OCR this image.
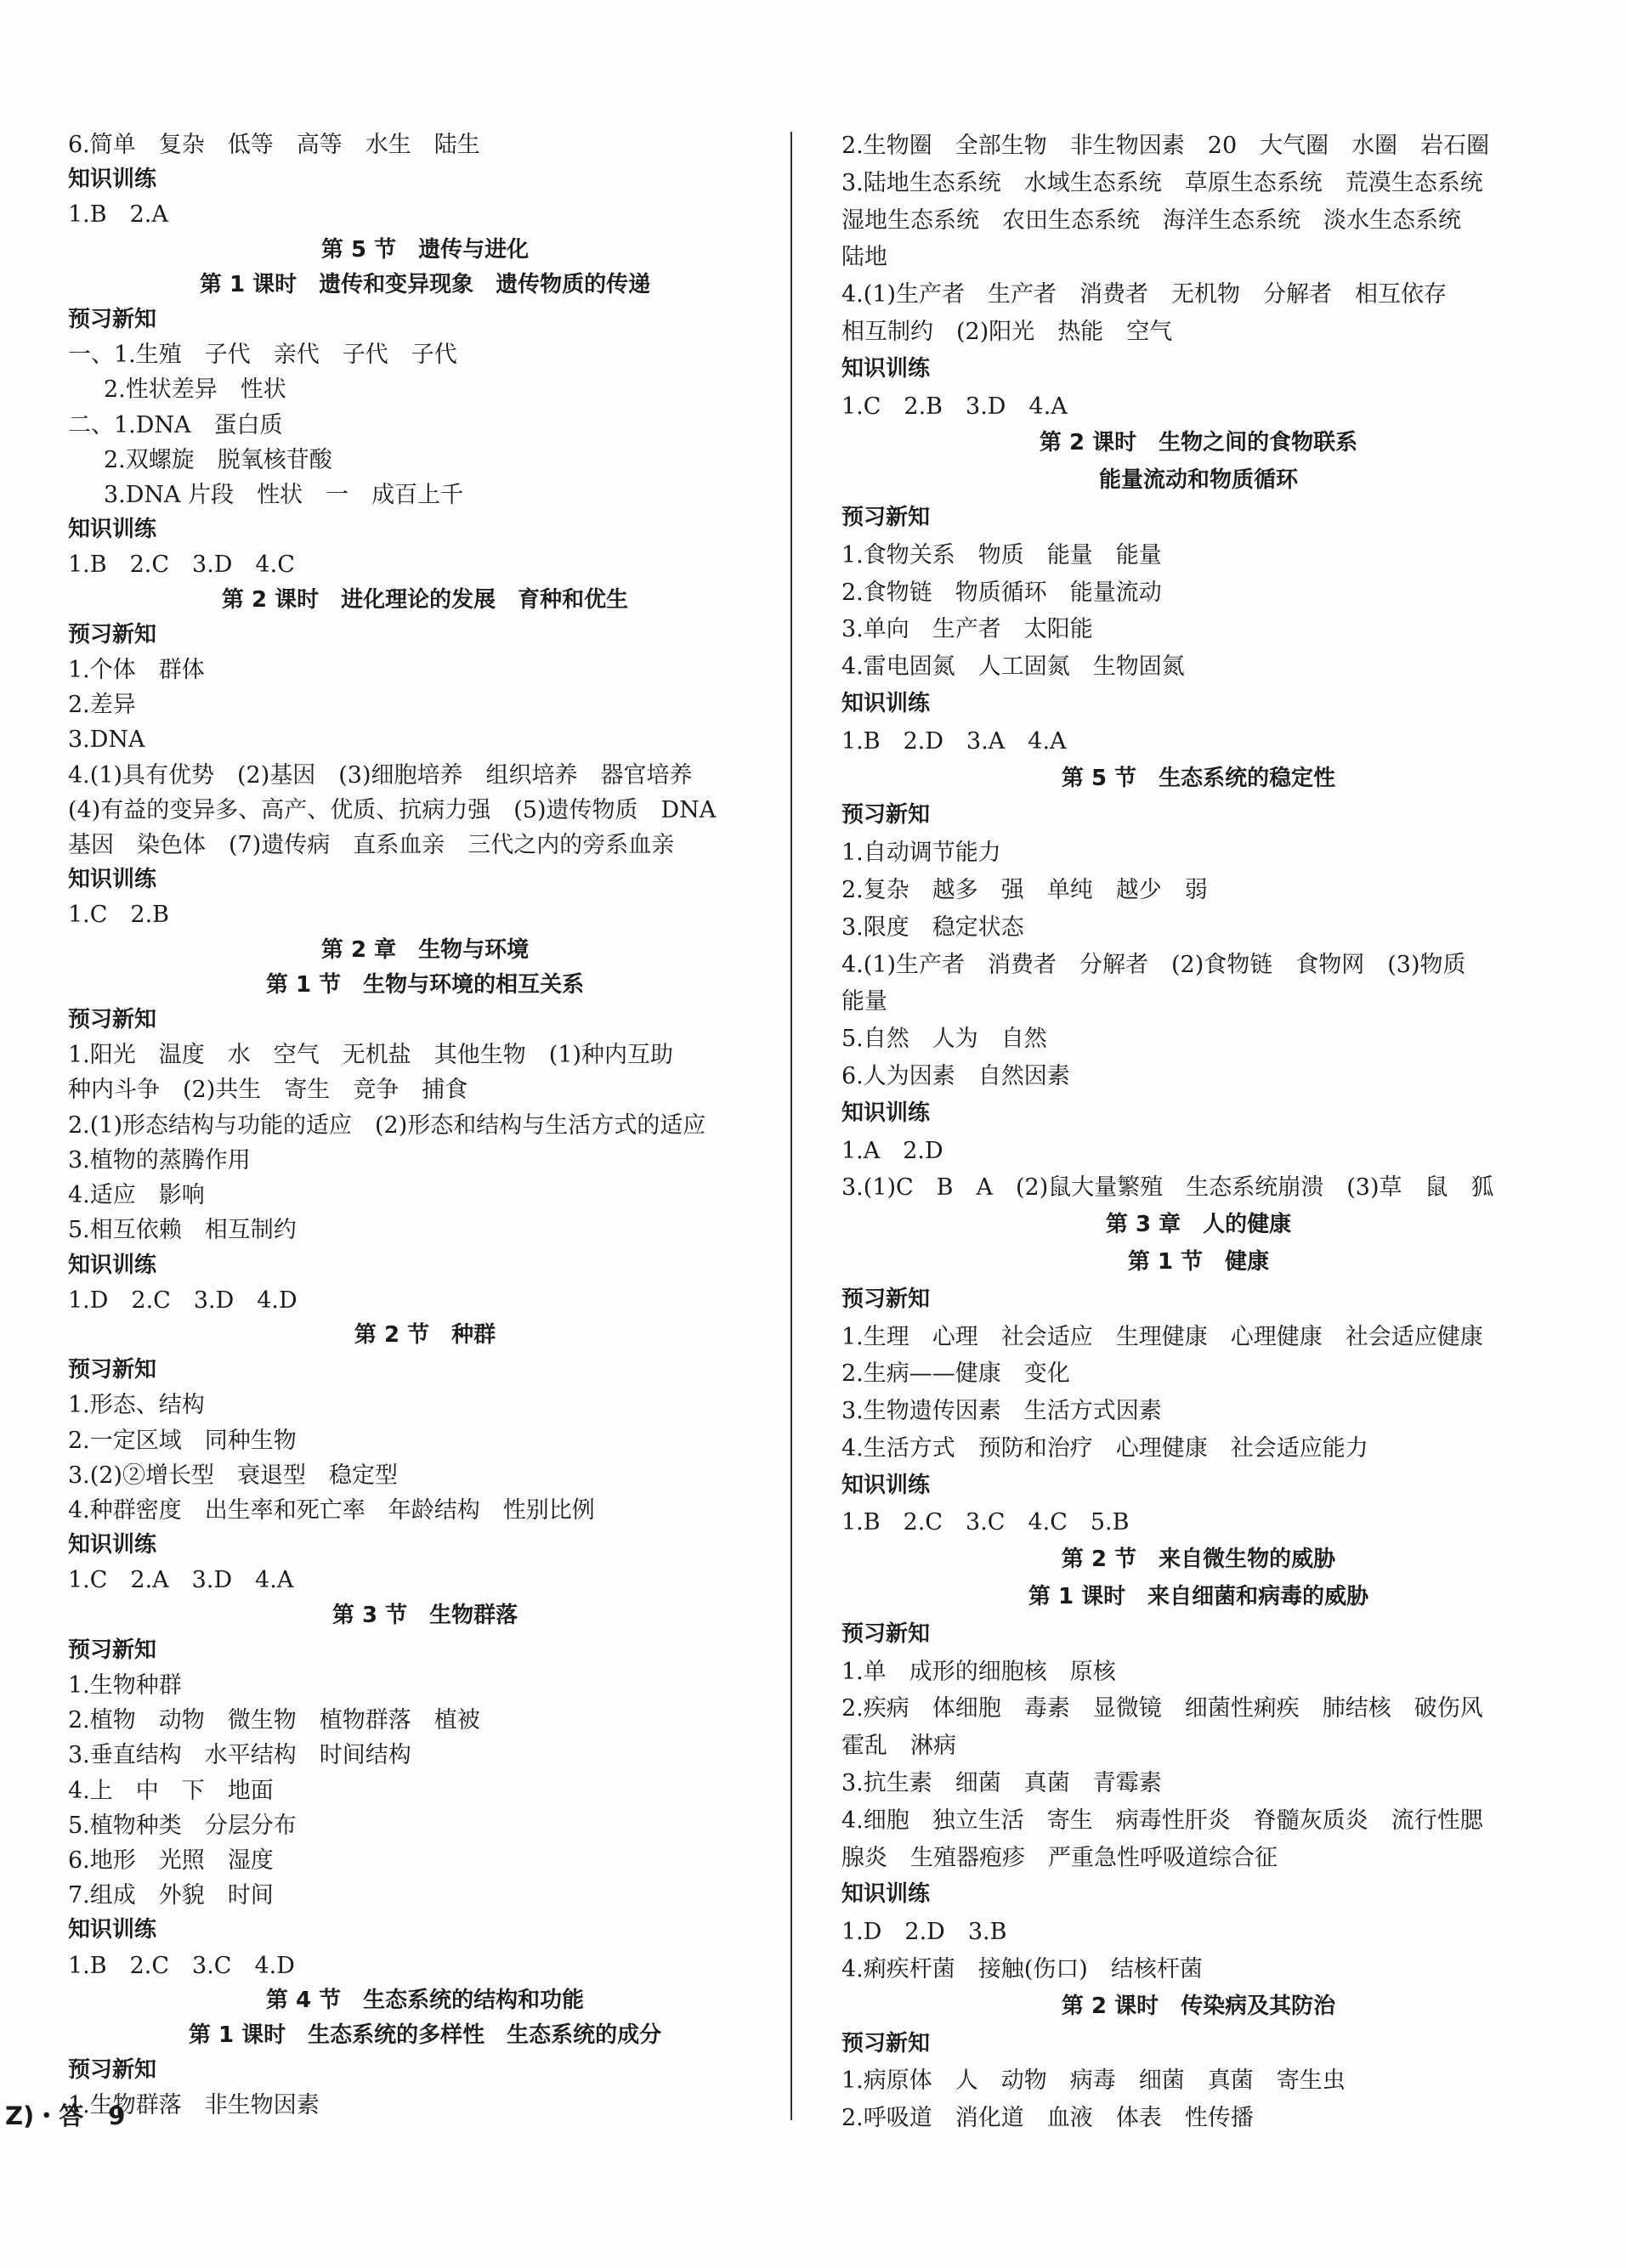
6.简单　复杂　低等　高等　水生　陆生
知识训练
1.B　2.A
第 5 节　遗传与进化
第 1 课时　遗传和变异现象　遗传物质的传递
预习新知
一、1.生殖　子代　亲代　子代　子代
2.性状差异　性状
二、1.DNA　蛋白质
2.双螺旋　脱氧核苷酸
3.DNA 片段　性状　一　成百上千
知识训练
1.B　2.C　3.D　4.C
第 2 课时　进化理论的发展　育种和优生
预习新知
1.个体　群体
2.差异
3.DNA
4.(1)具有优势　(2)基因　(3)细胞培养　组织培养　器官培养
(4)有益的变异多、高产、优质、抗病力强　(5)遗传物质　DNA
基因　染色体　(7)遗传病　直系血亲　三代之内的旁系血亲
知识训练
1.C　2.B
第 2 章　生物与环境
第 1 节　生物与环境的相互关系
预习新知
1.阳光　温度　水　空气　无机盐　其他生物　(1)种内互助
种内斗争　(2)共生　寄生　竞争　捕食
2.(1)形态结构与功能的适应　(2)形态和结构与生活方式的适应
3.植物的蒸腾作用
4.适应　影响
5.相互依赖　相互制约
知识训练
1.D　2.C　3.D　4.D
第 2 节　种群
预习新知
1.形态、结构
2.一定区域　同种生物
3.(2)②增长型　衰退型　稳定型
4.种群密度　出生率和死亡率　年龄结构　性别比例
知识训练
1.C　2.A　3.D　4.A
第 3 节　生物群落
预习新知
1.生物种群
2.植物　动物　微生物　植物群落　植被
3.垂直结构　水平结构　时间结构
4.上　中　下　地面
5.植物种类　分层分布
6.地形　光照　湿度
7.组成　外貌　时间
知识训练
1.B　2.C　3.C　4.D
第 4 节　生态系统的结构和功能
第 1 课时　生态系统的多样性　生态系统的成分
预习新知
1.生物群落　非生物因素
2.生物圈　全部生物　非生物因素　20　大气圈　水圈　岩石圈
3.陆地生态系统　水域生态系统　草原生态系统　荒漠生态系统
湿地生态系统　农田生态系统　海洋生态系统　淡水生态系统
陆地
4.(1)生产者　生产者　消费者　无机物　分解者　相互依存
相互制约　(2)阳光　热能　空气
知识训练
1.C　2.B　3.D　4.A
第 2 课时　生物之间的食物联系
能量流动和物质循环
预习新知
1.食物关系　物质　能量　能量
2.食物链　物质循环　能量流动
3.单向　生产者　太阳能
4.雷电固氮　人工固氮　生物固氮
知识训练
1.B　2.D　3.A　4.A
第 5 节　生态系统的稳定性
预习新知
1.自动调节能力
2.复杂　越多　强　单纯　越少　弱
3.限度　稳定状态
4.(1)生产者　消费者　分解者　(2)食物链　食物网　(3)物质
能量
5.自然　人为　自然
6.人为因素　自然因素
知识训练
1.A　2.D
3.(1)C　B　A　(2)鼠大量繁殖　生态系统崩溃　(3)草　鼠　狐
第 3 章　人的健康
第 1 节　健康
预习新知
1.生理　心理　社会适应　生理健康　心理健康　社会适应健康
2.生病——健康　变化
3.生物遗传因素　生活方式因素
4.生活方式　预防和治疗　心理健康　社会适应能力
知识训练
1.B　2.C　3.C　4.C　5.B
第 2 节　来自微生物的威胁
第 1 课时　来自细菌和病毒的威胁
预习新知
1.单　成形的细胞核　原核
2.疾病　体细胞　毒素　显微镜　细菌性痢疾　肺结核　破伤风
霍乱　淋病
3.抗生素　细菌　真菌　青霉素
4.细胞　独立生活　寄生　病毒性肝炎　脊髓灰质炎　流行性腮
腺炎　生殖器疱疹　严重急性呼吸道综合征
知识训练
1.D　2.D　3.B
4.痢疾杆菌　接触(伤口)　结核杆菌
第 2 课时　传染病及其防治
预习新知
1.病原体　人　动物　病毒　细菌　真菌　寄生虫
2.呼吸道　消化道　血液　体表　性传播
Z)・答　9
